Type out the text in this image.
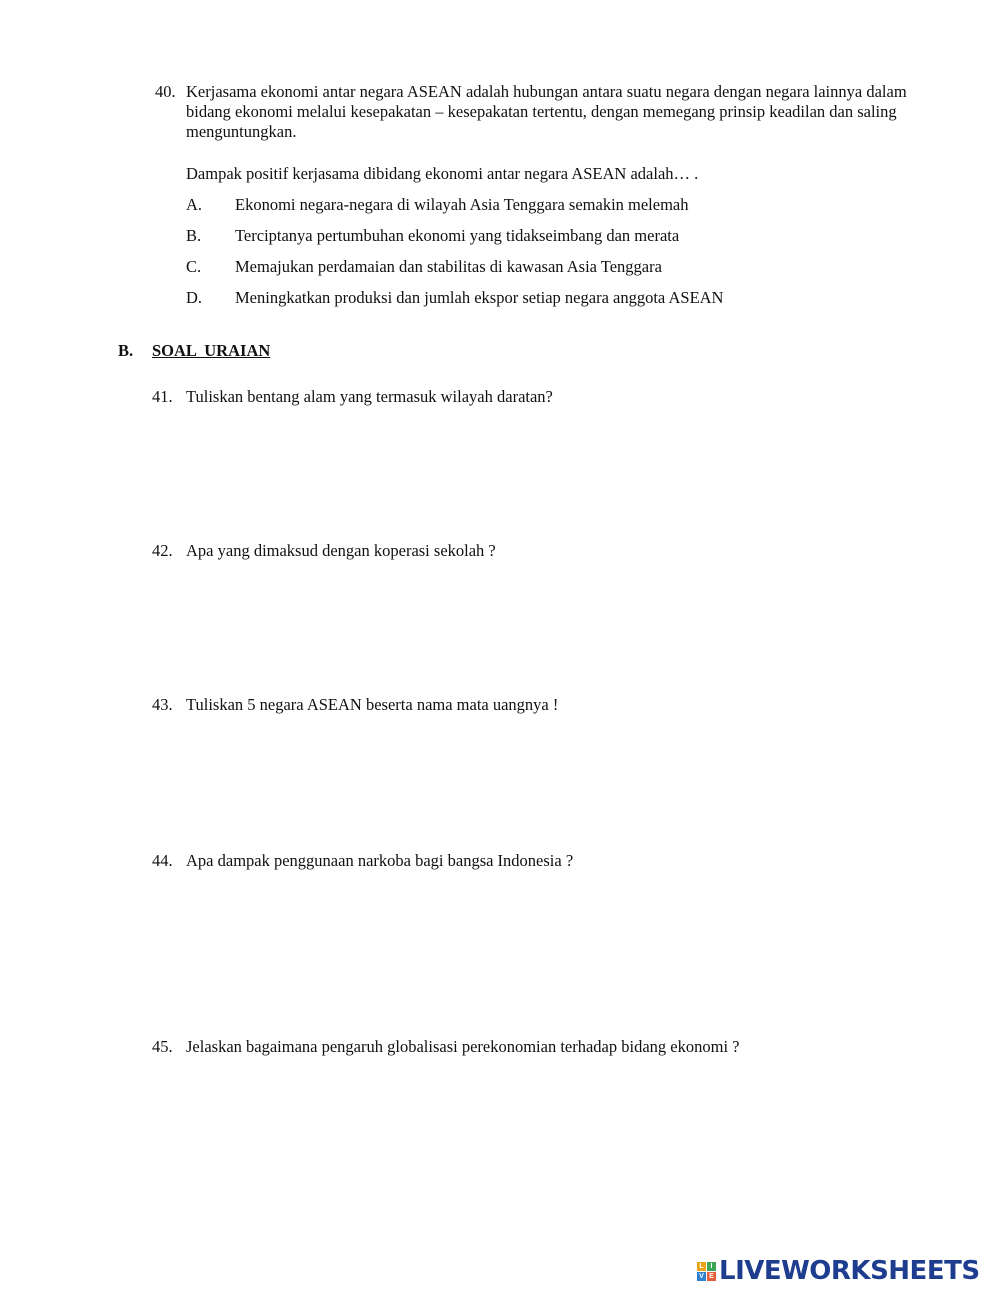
40. Kerjasama ekonomi antar negara ASEAN adalah hubungan antara suatu negara dengan negara lainnya dalam bidang ekonomi melalui kesepakatan – kesepakatan tertentu, dengan memegang prinsip keadilan dan saling menguntungkan.
Dampak positif kerjasama dibidang ekonomi antar negara ASEAN adalah… .
A. Ekonomi negara-negara di wilayah Asia Tenggara semakin melemah
B. Terciptanya pertumbuhan ekonomi yang tidakseimbang dan merata
C. Memajukan perdamaian dan stabilitas di kawasan Asia Tenggara
D. Meningkatkan produksi dan jumlah ekspor setiap negara anggota ASEAN
B. SOAL  URAIAN
41. Tuliskan bentang alam yang termasuk wilayah daratan?
42. Apa yang dimaksud dengan koperasi sekolah ?
43. Tuliskan 5 negara ASEAN beserta nama mata uangnya !
44. Apa dampak penggunaan narkoba bagi bangsa Indonesia ?
45. Jelaskan bagaimana pengaruh globalisasi perekonomian terhadap bidang ekonomi ?
L I
V E LIVEWORKSHEETS
